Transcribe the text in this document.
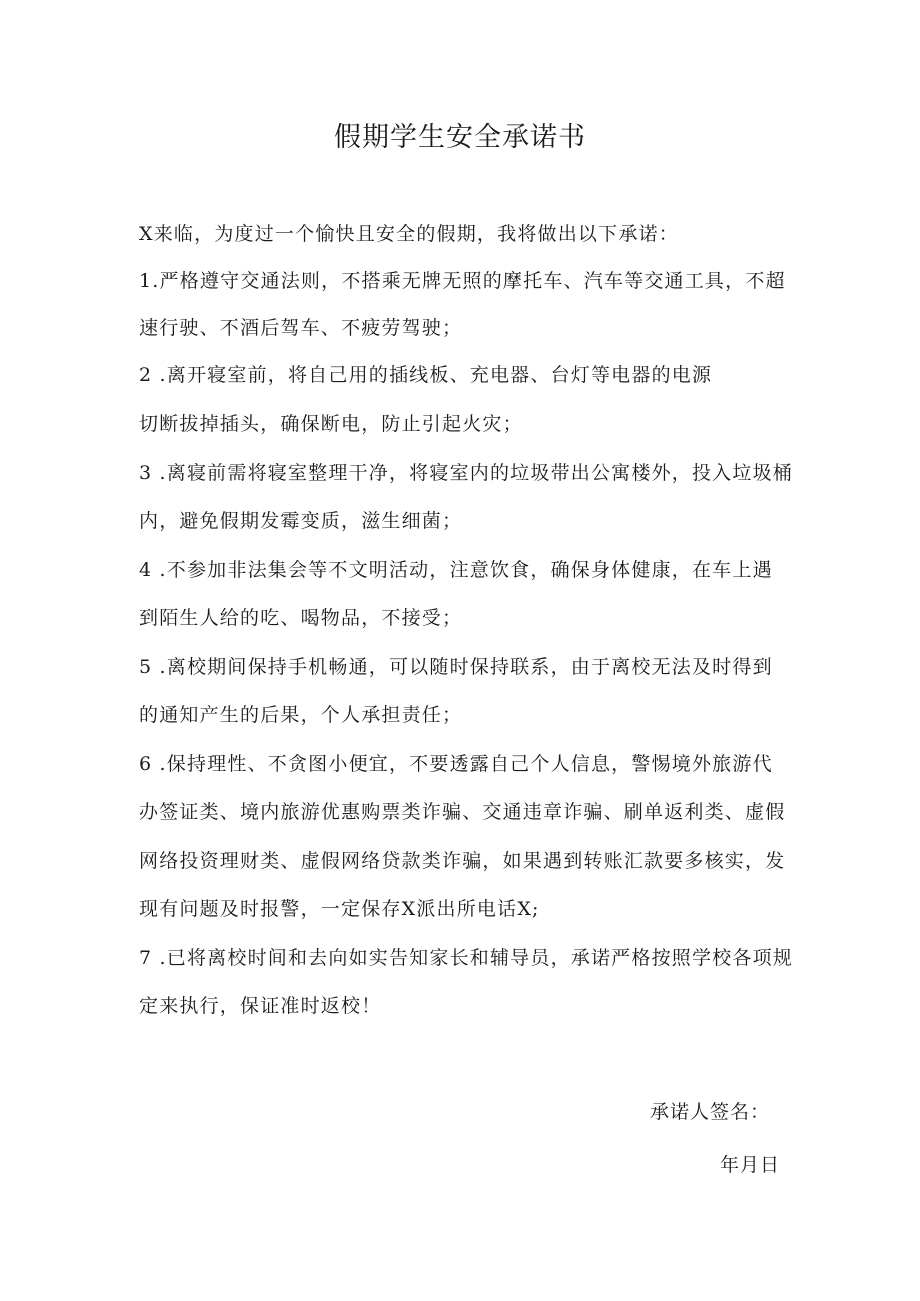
假期学生安全承诺书
X来临，为度过一个愉快且安全的假期，我将做出以下承诺：
1.严格遵守交通法则，不搭乘无牌无照的摩托车、汽车等交通工具，不超
速行驶、不酒后驾车、不疲劳驾驶；
2 .离开寝室前，将自己用的插线板、充电器、台灯等电器的电源
切断拔掉插头，确保断电，防止引起火灾；
3 .离寝前需将寝室整理干净，将寝室内的垃圾带出公寓楼外，投入垃圾桶
内，避免假期发霉变质，滋生细菌；
4 .不参加非法集会等不文明活动，注意饮食，确保身体健康，在车上遇
到陌生人给的吃、喝物品，不接受；
5 .离校期间保持手机畅通，可以随时保持联系，由于离校无法及时得到
的通知产生的后果，个人承担责任；
6 .保持理性、不贪图小便宜，不要透露自己个人信息，警惕境外旅游代
办签证类、境内旅游优惠购票类诈骗、交通违章诈骗、刷单返利类、虚假
网络投资理财类、虚假网络贷款类诈骗，如果遇到转账汇款要多核实，发
现有问题及时报警，一定保存X派出所电话X;
7 .已将离校时间和去向如实告知家长和辅导员，承诺严格按照学校各项规
定来执行，保证准时返校！
承诺人签名：
年月日
